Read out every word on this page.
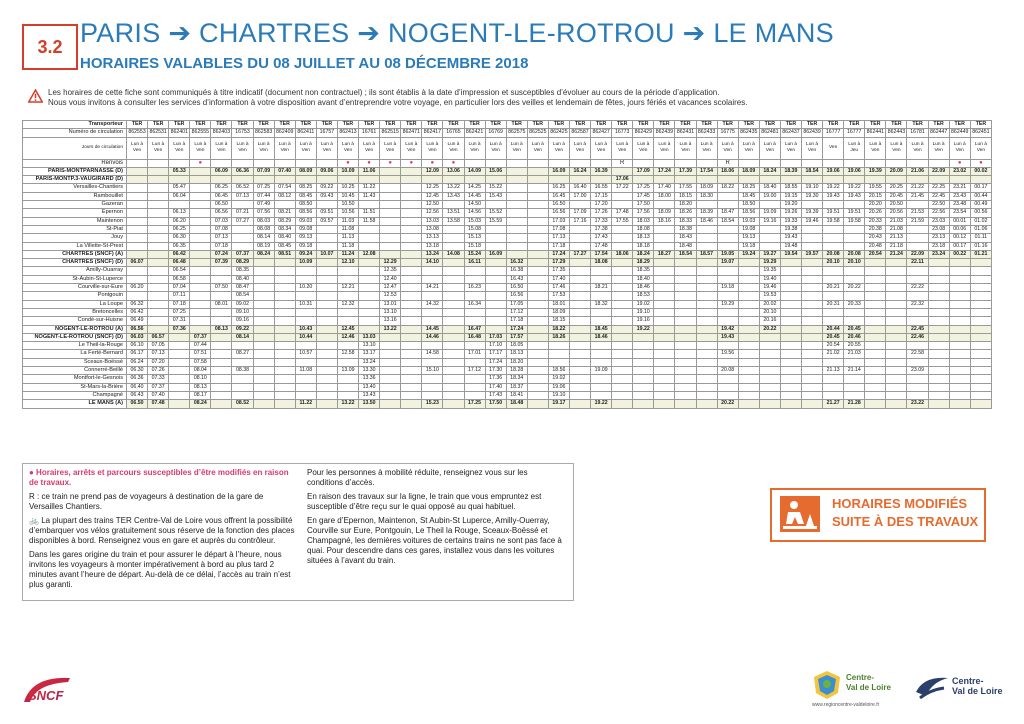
3.2 PARIS ➔ CHARTRES ➔ NOGENT-LE-ROTROU ➔ LE MANS
HORAIRES VALABLES DU 08 JUILLET AU 08 DÉCEMBRE 2018
Les horaires de cette fiche sont communiqués à titre indicatif (document non contractuel) ; ils sont établis à la date d’impression et susceptibles d’évoluer au cours de la période d’application.
Nous vous invitons à consulter les services d’information à votre disposition avant d’entreprendre votre voyage, en particulier lors des veilles et lendemain de fêtes, jours fériés et vacances scolaires.
Transporteur	TER	TER	TER	TER	TER	TER	TER	TER	TER	TER	TER	TER	TER	TER	TER	TER	TER	TER	TER	TER	TER	TER	TER	TER	TER	TER	TER	TER	TER	TER	TER	TER	TER	TER	TER	TER	TER	TER	TER	TER	TER
Numéro de circulation	862553	862531	862401	862555	862403	16753	862583	862409	862411	16757	862413	16761	862515	862471	862417	16765	862421	16769	862575	862525	862425	862587	862427	16773	862429	862439	862431	862433	16775	862435	862481	862437	862439	16777	16777	862441	862443	16781	862447	862449	862451
Jours de circulation	Lun à Ven	Lun à Ven	Lun à Ven	Lun à Ven	Lun à Ven	Lun à Ven	Lun à Ven	Lun à Ven	Lun à Ven	Lun à Ven	Lun à Ven	Lun à Ven	Lun à Ven	Lun à Ven	Lun à Ven	Lun à Ven	Lun à Ven	Lun à Ven	Lun à Ven	Lun à Ven	Lun à Ven	Lun à Ven	Lun à Ven	Lun à Ven	Lun à Ven	Lun à Ven	Lun à Ven	Lun à Ven	Lun à Ven	Lun à Ven	Lun à Ven	Lun à Ven	Lun à Ven	Ven	Lun à Jeu	Lun à Ven	Lun à Ven	Lun à Ven	Lun à Ven	Lun à Ven	Lun à Ven
Renvois				●							●	●	●	●	●	●								R					R											●	●
PARIS-MONTPARNASSE (D)			05.33		06.09	06.36	07.09	07.40	08.09	09.06	10.09	11.06			12.09	13.06	14.09	15.06			16.09	16.24	16.39		17.09	17.24	17.39	17.54	18.06	18.09	18.24	18.39	18.54	19.06	19.06	19.39	20.09	21.06	22.09	23.02	00.02
PARIS-MONTP.3-VAUGIRARD (D)																								17.06																	
Versailles-Chantiers			05.47		06.25	06.52	07.25	07.54	08.25	09.22	10.25	11.22			12.25	13.22	14.25	15.22			16.25	16.40	16.55	17.22	17.25	17.40	17.55	18.09	18.22	18.25	18.40	18.55	19.10	19.22	19.22	19.55	20.25	21.22	22.25	23.21	00.17
Rambouillet			06.04		06.45	07.13	07.44	08.12	08.45	09.43	10.45	11.43			12.45	13.43	14.45	15.43			16.45	17.00	17.15		17.45	18.00	18.15	18.30		18.45	19.00	19.15	19.30	19.43	19.43	20.15	20.45	21.45	22.45	23.43	00.44
Gazeran					06.50		07.49		08.50		10.50				12.50		14.50				16.50		17.20		17.50		18.20			18.50		19.20				20.20	20.50		22.50	23.48	00.49
Epernon			06.13		06.56	07.21	07.56	08.21	08.56	09.51	10.56	11.51			12.56	13.51	14.56	15.52			16.56	17.09	17.26	17.48	17.56	18.09	18.26	18.39	18.47	18.56	19.09	19.26	19.39	19.51	19.51	20.26	20.56	21.53	22.56	23.54	00.56
Maintenon			06.20		07.03	07.27	08.03	08.29	09.03	09.57	11.03	11.58			13.03	13.58	15.03	15.59			17.03	17.16	17.33	17.55	18.03	18.16	18.33	18.46	18.54	19.03	19.16	19.33	19.46	19.58	19.58	20.33	21.03	21.59	23.03	00.01	01.02
St-Piat			06.25		07.08		08.08	08.34	09.08		11.08				13.08		15.08				17.08		17.38		18.08		18.38			19.08		19.38				20.38	21.08		23.08	00.06	01.06
Jouy			06.30		07.13		08.14	08.40	09.13		11.13				13.13		15.13				17.13		17.43		18.13		18.43			19.13		19.43				20.43	21.13		23.13	00.12	01.11
La Villette-St-Prest			06.35		07.18		08.19	08.45	09.18		11.18				13.18		15.18				17.18		17.48		18.18		18.48			19.18		19.48				20.48	21.18		23.18	00.17	01.16
CHARTRES (SNCF) (A)			06.42		07.24	07.37	08.24	08.51	09.24	10.07	11.24	12.08			13.24	14.08	15.24	16.09			17.24	17.27	17.54	18.06	18.24	18.27	18.54	18.57	19.05	19.24	19.27	19.54	19.57	20.08	20.08	20.54	21.24	22.09	23.24	00.22	01.21
CHARTRES (SNCF) (D)	06.07		06.48		07.39	08.29			10.09		12.10		12.29		14.10		16.11		16.32		17.29		18.08		18.29				19.07		19.29			20.10	20.10			22.11			
Amilly-Ouarray			06.54			08.35							12.35						16.38		17.35				18.35						19.35										
St-Aubin-St-Luperce			06.58			08.40							12.40						16.43		17.40				18.40						19.40										
Courville-sur-Eure	06.20		07.04		07.50	08.47			10.20		12.21		12.47		14.21		16.23		16.50		17.46		18.21		18.46				19.18		19.46			20.21	20.22			22.22			
Pontgouin			07.11			08.54							12.53						16.56		17.53				18.53						19.53										
La Loupe	06.32		07.18		08.01	09.02			10.31		12.32		13.01		14.32		16.34		17.05		18.01		18.32		19.02				19.29		20.02			20.31	20.33			22.32			
Bretoncelles	06.42		07.25			09.10							13.10						17.12		18.09				19.10						20.10										
Condé-sur-Huisne	06.49		07.31			09.16							13.16						17.18		18.15				19.16						20.16										
NOGENT-LE-ROTROU (A)	06.56		07.36		08.13	09.22			10.43		12.45		13.22		14.45		16.47		17.24		18.22		18.45		19.22				19.42		20.22			20.44	20.45			22.45			
NOGENT-LE-ROTROU (SNCF) (D)	06.03	06.57		07.37		08.14			10.44		12.46	13.03			14.46		16.48	17.03	17.57		18.26		18.46						19.43					20.45	20.46			22.46			
Le Theil-la-Rouge	06.10	07.05		07.44								13.10						17.10	18.05															20.54	20.55						
La Ferté-Bernard	06.17	07.13		07.51		08.27			10.57		12.58	13.17			14.58		17.01	17.17	18.13										19.56					21.02	21.03			22.58			
Sceaux-Boëssé	06.24	07.20		07.58								13.24						17.24	18.20																						
Connerré-Beillé	06.30	07.26		08.04		08.38			11.08		13.09	13.30			15.10		17.12	17.30	18.28		18.56		19.09						20.08					21.13	21.14			23.09			
Montfort-le-Gesnois	06.36	07.33		08.10								13.36						17.36	18.34		19.02																				
St-Mars-la-Brière	06.40	07.37		08.13								13.40						17.40	18.37		19.06																				
Champagné	06.43	07.40		08.17								13.43						17.43	18.41		19.10																				
LE MANS (A)	06.50	07.48		08.24		08.52			11.22		13.22	13.50			15.23		17.25	17.50	18.48		19.17		19.22						20.22					21.27	21.28			23.22			

● Horaires, arrêts et parcours susceptibles d’être modifiés en raison de travaux.

R : ce train ne prend pas de voyageurs à destination de la gare de Versailles Chantiers.

🚲 La plupart des trains TER Centre-Val de Loire vous offrent la possibilité d’embarquer vos vélos gratuitement sous réserve de la fonction des places disponibles à bord. Renseignez vous en gare et auprès du contrôleur.

Dans les gares origine du train et pour assurer le départ à l’heure, nous invitons les voyageurs à monter impérativement à bord au plus tard 2 minutes avant l’heure de départ. Au-delà de ce délai, l’accès au train n’est plus garanti.

Pour les personnes à mobilité réduite, renseignez vous sur les conditions d’accès.

En raison des travaux sur la ligne, le train que vous empruntez est susceptible d’être reçu sur le quai opposé au quai habituel.

En gare d’Epernon, Maintenon, St Aubin-St Luperce, Amilly-Ouerray, Courville sur Eure, Pontgouin, Le Theil la Rouge, Sceaux-Boëssé et Champagné, les dernières voitures de certains trains ne sont pas face à quai. Pour descendre dans ces gares, installez vous dans les voitures situées à l’avant du train.

HORAIRES MODIFIÉS
SUITE À DES TRAVAUX
SNCF
Centre-
Val de Loire
www.regioncentre-valdeloire.fr
Centre-
Val de Loire
